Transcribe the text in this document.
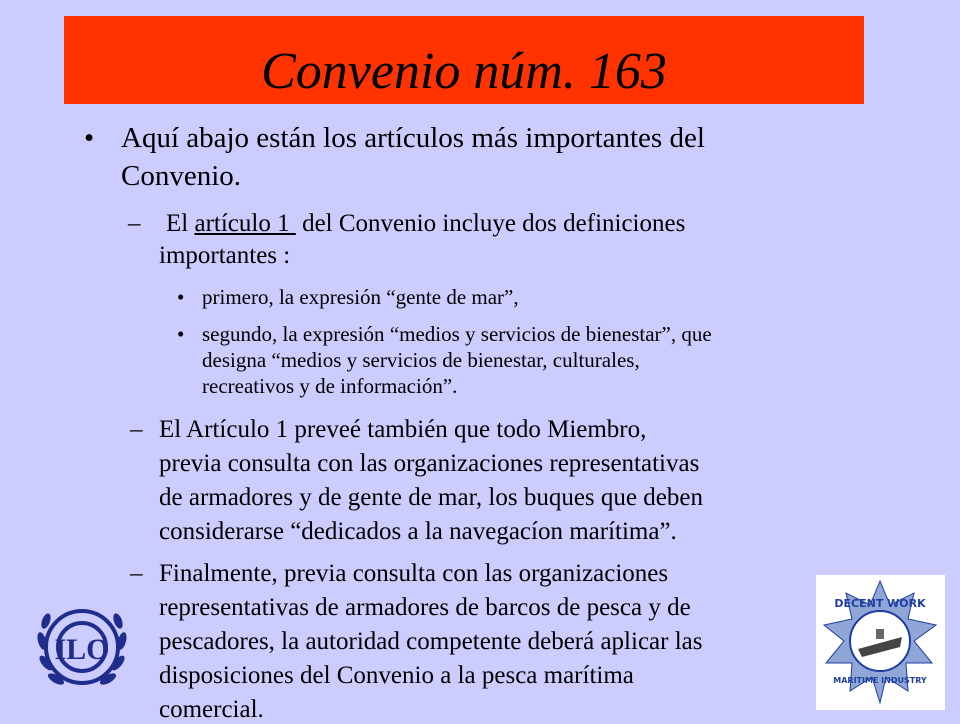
Convenio núm. 163
• Aquí abajo están los artículos más importantes del
Convenio.
– El artículo 1  del Convenio incluye dos definiciones
importantes :
• primero, la expresión “gente de mar”,
• segundo, la expresión “medios y servicios de bienestar”, que
designa “medios y servicios de bienestar, culturales,
recreativos y de información”.
– El Artículo 1 preveé también que todo Miembro,
previa consulta con las organizaciones representativas
de armadores y de gente de mar, los buques que deben
considerarse “dedicados a la navegacíon marítima”.
– Finalmente, previa consulta con las organizaciones
representativas de armadores de barcos de pesca y de
pescadores, la autoridad competente deberá aplicar las
disposiciones del Convenio a la pesca marítima
comercial.
ILO
DECENT WORK
MARITIME INDUSTRY
